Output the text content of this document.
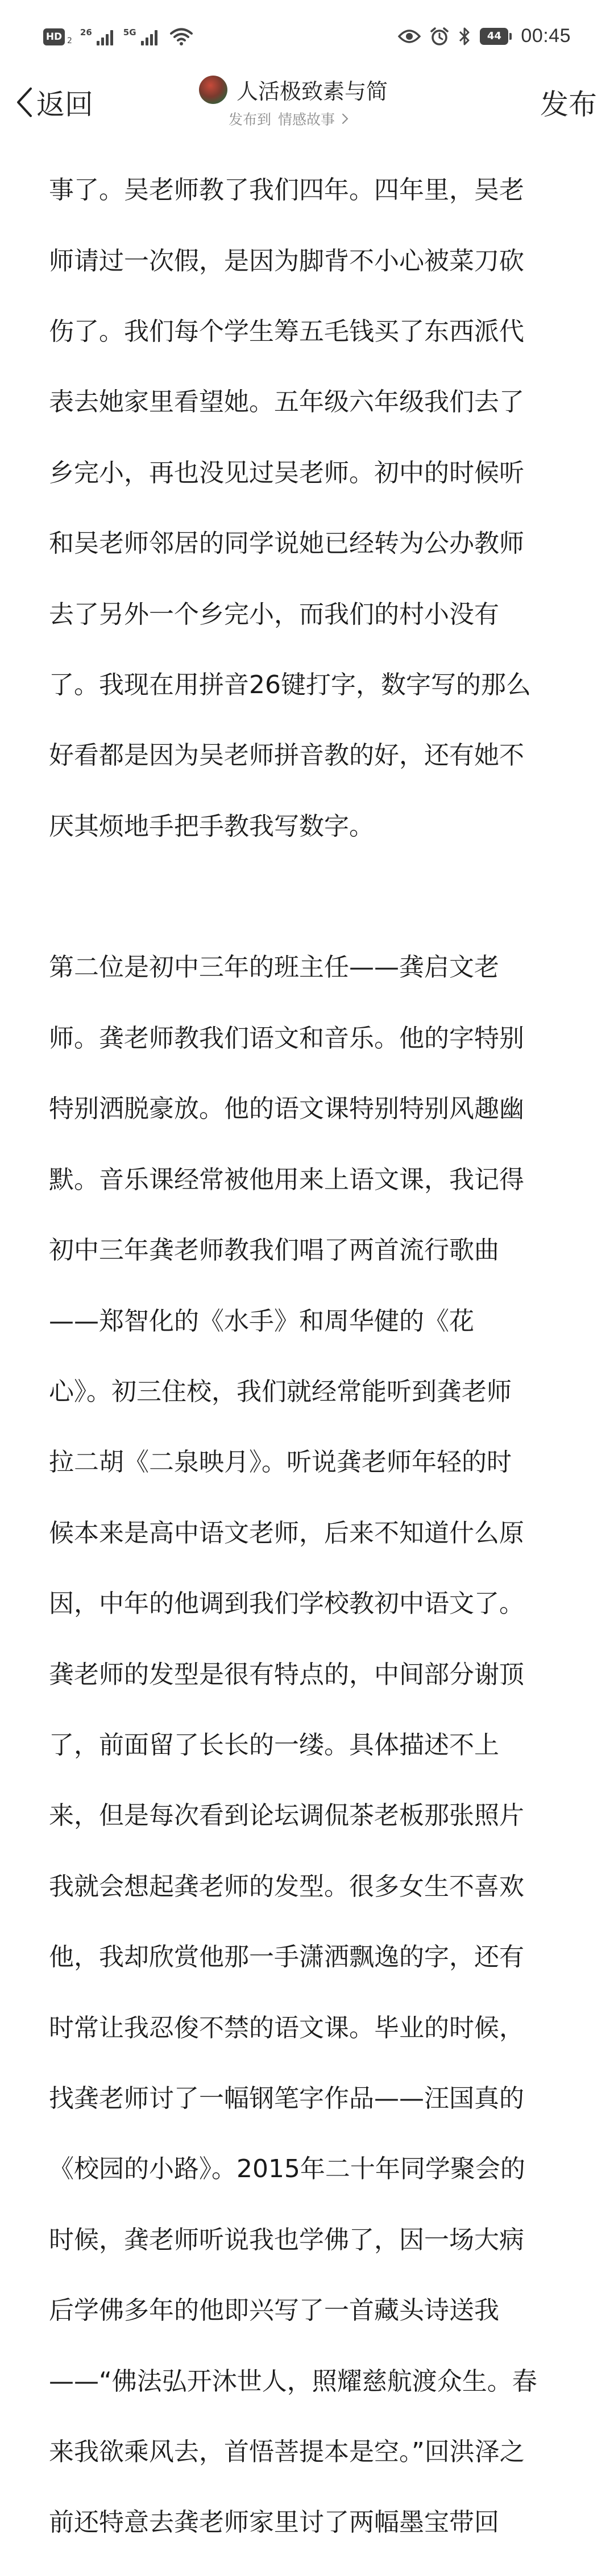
HD 2
26	5G	44	00:45
返回	人活极致素与简
发布到 情感故事	发布

事了。吴老师教了我们四年。四年里，吴老

师请过一次假，是因为脚背不小心被菜刀砍

伤了。我们每个学生筹五毛钱买了东西派代

表去她家里看望她。五年级六年级我们去了

乡完小，再也没见过吴老师。初中的时候听

和吴老师邻居的同学说她已经转为公办教师

去了另外一个乡完小，而我们的村小没有

了。我现在用拼音26键打字，数字写的那么

好看都是因为吴老师拼音教的好，还有她不

厌其烦地手把手教我写数字。

第二位是初中三年的班主任——龚启文老

师。龚老师教我们语文和音乐。他的字特别

特别洒脱豪放。他的语文课特别特别风趣幽

默。音乐课经常被他用来上语文课，我记得

初中三年龚老师教我们唱了两首流行歌曲

——郑智化的《水手》和周华健的《花

心》。初三住校，我们就经常能听到龚老师

拉二胡《二泉映月》。听说龚老师年轻的时

候本来是高中语文老师，后来不知道什么原

因，中年的他调到我们学校教初中语文了。

龚老师的发型是很有特点的，中间部分谢顶

了，前面留了长长的一缕。具体描述不上

来，但是每次看到论坛调侃茶老板那张照片

我就会想起龚老师的发型。很多女生不喜欢

他，我却欣赏他那一手潇洒飘逸的字，还有

时常让我忍俊不禁的语文课。毕业的时候，

找龚老师讨了一幅钢笔字作品——汪国真的

《校园的小路》。2015年二十年同学聚会的

时候，龚老师听说我也学佛了，因一场大病

后学佛多年的他即兴写了一首藏头诗送我

——“佛法弘开沐世人，照耀慈航渡众生。春

来我欲乘风去，首悟菩提本是空。”回洪泽之

前还特意去龚老师家里讨了两幅墨宝带回
